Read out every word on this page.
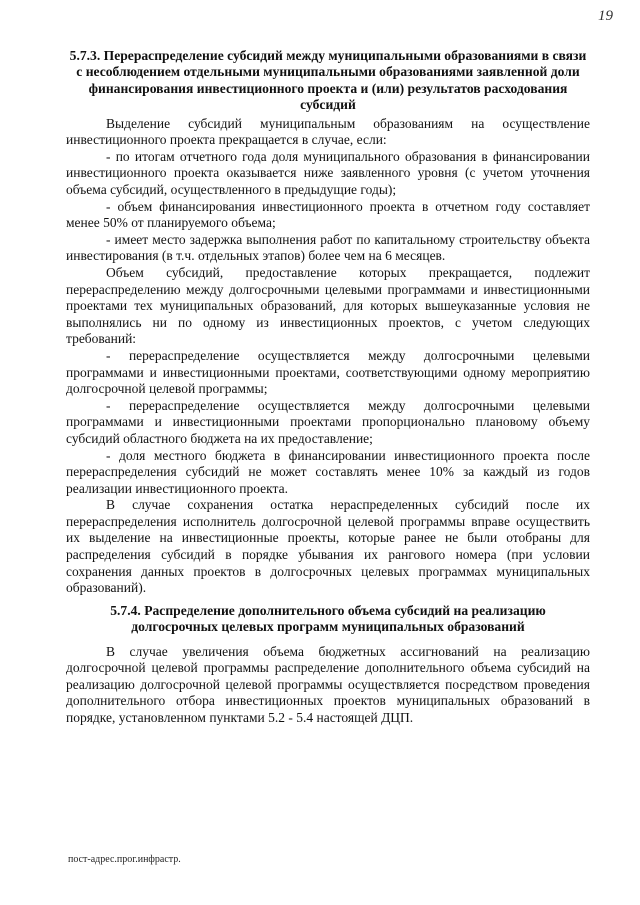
19

5.7.3. Перераспределение субсидий между муниципальными образованиями в связи с несоблюдением отдельными муниципальными образованиями заявленной доли финансирования инвестиционного проекта и (или) результатов расходования субсидий

Выделение субсидий муниципальным образованиям на осуществление инвестиционного проекта прекращается в случае, если:

- по итогам отчетного года доля муниципального образования в финансировании инвестиционного проекта оказывается ниже заявленного уровня (с учетом уточнения объема субсидий, осуществленного в предыдущие годы);

- объем финансирования инвестиционного проекта в отчетном году составляет менее 50% от планируемого объема;

- имеет место задержка выполнения работ по капитальному строительству объекта инвестирования (в т.ч. отдельных этапов) более чем на 6 месяцев.

Объем субсидий, предоставление которых прекращается, подлежит перераспределению между долгосрочными целевыми программами и инвестиционными проектами тех муниципальных образований, для которых вышеуказанные условия не выполнялись ни по одному из инвестиционных проектов, с учетом следующих требований:

- перераспределение осуществляется между долгосрочными целевыми программами и инвестиционными проектами, соответствующими одному мероприятию долгосрочной целевой программы;

- перераспределение осуществляется между долгосрочными целевыми программами и инвестиционными проектами пропорционально плановому объему субсидий областного бюджета на их предоставление;

- доля местного бюджета в финансировании инвестиционного проекта после перераспределения субсидий не может составлять менее 10% за каждый из годов реализации инвестиционного проекта.

В случае сохранения остатка нераспределенных субсидий после их перераспределения исполнитель долгосрочной целевой программы вправе осуществить их выделение на инвестиционные проекты, которые ранее не были отобраны для распределения субсидий в порядке убывания их рангового номера (при условии сохранения данных проектов в долгосрочных целевых программах муниципальных образований).

5.7.4. Распределение дополнительного объема субсидий на реализацию долгосрочных целевых программ муниципальных образований

В случае увеличения объема бюджетных ассигнований на реализацию долгосрочной целевой программы распределение дополнительного объема субсидий на реализацию долгосрочной целевой программы осуществляется посредством проведения дополнительного отбора инвестиционных проектов муниципальных образований в порядке, установленном пунктами 5.2 - 5.4 настоящей ДЦП.

пост-адрес.прог.инфрастр.
